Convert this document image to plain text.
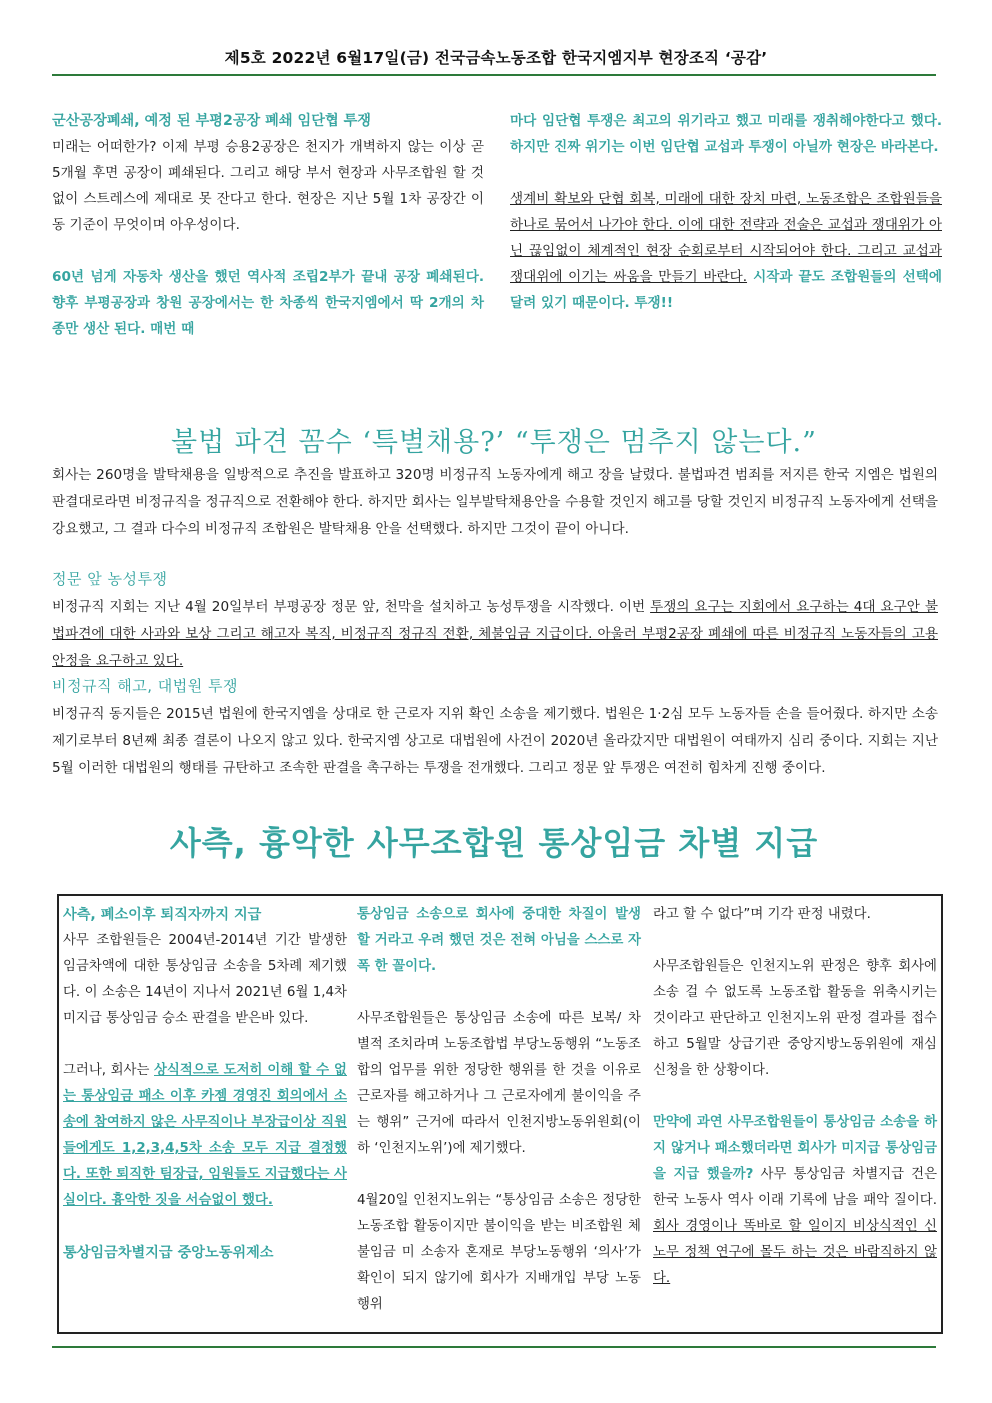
제5호 2022년 6월17일(금) 전국금속노동조합 한국지엠지부 현장조직 ‘공감’

군산공장폐쇄, 예정 된 부평2공장 폐쇄 임단협 투쟁

미래는 어떠한가? 이제 부평 승용2공장은 천지가 개벽하지 않는 이상 곧 5개월 후면 공장이 폐쇄된다. 그리고 해당 부서 현장과 사무조합원 할 것 없이 스트레스에 제대로 못 잔다고 한다. 현장은 지난 5월 1차 공장간 이동 기준이 무엇이며 아우성이다.

60년 넘게 자동차 생산을 했던 역사적 조립2부가 끝내 공장 폐쇄된다. 향후 부평공장과 창원 공장에서는 한 차종씩 한국지엠에서 딱 2개의 차종만 생산 된다. 매번 때

마다 임단협 투쟁은 최고의 위기라고 했고 미래를 쟁취해야한다고 했다. 하지만 진짜 위기는 이번 임단협 교섭과 투쟁이 아닐까 현장은 바라본다.

생계비 확보와 단협 회복, 미래에 대한 장치 마련, 노동조합은 조합원들을 하나로 묶어서 나가야 한다. 이에 대한 전략과 전술은 교섭과 쟁대위가 아닌 끊임없이 체계적인 현장 순회로부터 시작되어야 한다. 그리고 교섭과 쟁대위에 이기는 싸움을 만들기 바란다. 시작과 끝도 조합원들의 선택에 달려 있기 때문이다. 투쟁!!

불법 파견 꼼수 ‘특별채용?’ “투쟁은 멈추지 않는다.”
회사는 260명을 발탁채용을 일방적으로 추진을 발표하고 320명 비정규직 노동자에게 해고 장을 날렸다. 불법파견 범죄를 저지른 한국 지엠은 법원의 판결대로라면 비정규직을 정규직으로 전환해야 한다. 하지만 회사는 일부발탁채용안을 수용할 것인지 해고를 당할 것인지 비정규직 노동자에게 선택을 강요했고, 그 결과 다수의 비정규직 조합원은 발탁채용 안을 선택했다. 하지만 그것이 끝이 아니다.
정문 앞 농성투쟁
비정규직 지회는 지난 4월 20일부터 부평공장 정문 앞, 천막을 설치하고 농성투쟁을 시작했다. 이번 투쟁의 요구는 지회에서 요구하는 4대 요구안 불법파견에 대한 사과와 보상 그리고 해고자 복직, 비정규직 정규직 전환, 체불임금 지급이다. 아울러 부평2공장 폐쇄에 따른 비정규직 노동자들의 고용안정을 요구하고 있다.
비정규직 해고, 대법원 투쟁
비정규직 동지들은 2015년 법원에 한국지엠을 상대로 한 근로자 지위 확인 소송을 제기했다. 법원은 1·2심 모두 노동자들 손을 들어줬다. 하지만 소송 제기로부터 8년째 최종 결론이 나오지 않고 있다. 한국지엠 상고로 대법원에 사건이 2020년 올라갔지만 대법원이 여태까지 심리 중이다. 지회는 지난 5월 이러한 대법원의 행태를 규탄하고 조속한 판결을 촉구하는 투쟁을 전개했다. 그리고 정문 앞 투쟁은 여전히 힘차게 진행 중이다.
사측, 흉악한 사무조합원 통상임금 차별 지급

사측, 폐소이후 퇴직자까지 지급

사무 조합원들은 2004년-2014년 기간 발생한 임금차액에 대한 통상임금 소송을 5차례 제기했다. 이 소송은 14년이 지나서 2021년 6월 1,4차 미지급 통상임금 승소 판결을 받은바 있다.

그러나, 회사는 상식적으로 도저히 이해 할 수 없는 통상임금 패소 이후 카젬 경영진 회의에서 소송에 참여하지 않은 사무직이나 부장급이상 직원들에게도 1,2,3,4,5차 소송 모두 지급 결정했다. 또한 퇴직한 팀장급, 임원들도 지급했다는 사실이다. 흉악한 짓을 서슴없이 했다.

통상임금차별지급 중앙노동위제소

통상임금 소송으로 회사에 중대한 차질이 발생 할 거라고 우려 했던 것은 전혀 아님을 스스로 자폭 한 꼴이다.

사무조합원들은 통상임금 소송에 따른 보복/ 차별적 조치라며 노동조합법 부당노동행위 “노동조합의 업무를 위한 정당한 행위를 한 것을 이유로 근로자를 해고하거나 그 근로자에게 불이익을 주는 행위” 근거에 따라서 인천지방노동위원회(이하 ‘인천지노위’)에 제기했다.

4월20일 인천지노위는 “통상임금 소송은 정당한 노동조합 활동이지만 불이익을 받는 비조합원 체불임금 미 소송자 혼재로 부당노동행위 ‘의사’가 확인이 되지 않기에 회사가 지배개입 부당 노동행위

라고 할 수 없다”며 기각 판정 내렸다.

사무조합원들은 인천지노위 판정은 향후 회사에 소송 걸 수 없도록 노동조합 활동을 위축시키는 것이라고 판단하고 인천지노위 판정 결과를 접수하고 5월말 상급기관 중앙지방노동위원에 재심 신청을 한 상황이다.

만약에 과연 사무조합원들이 통상임금 소송을 하지 않거나 패소했더라면 회사가 미지급 통상임금을 지급 했을까? 사무 통상임금 차별지급 건은 한국 노동사 역사 이래 기록에 남을 패악 질이다. 회사 경영이나 똑바로 할 일이지 비상식적인 신 노무 정책 연구에 몰두 하는 것은 바람직하지 않다.
